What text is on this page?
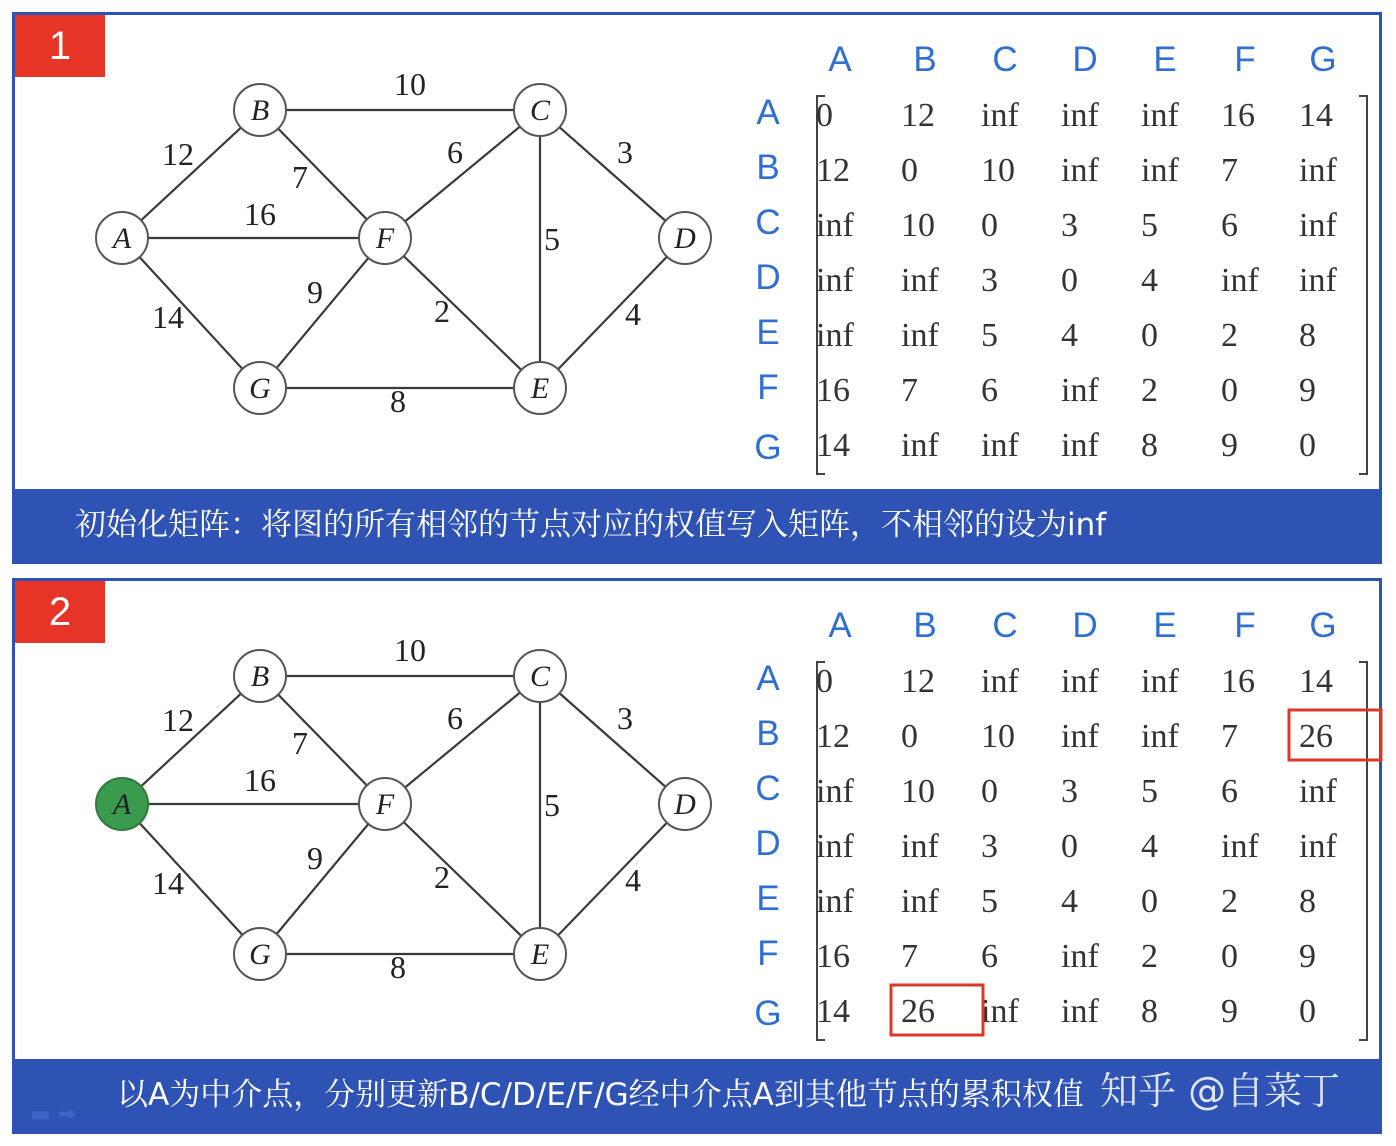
1
12
10
7
16
6	3
5
14
9
2	4
8
A
B	C
D
E
F
G
A B C D E F G
A
B
C
D
E
F
G
0 12 inf inf inf 16 14
12 0 10 inf inf 7 inf
inf 10 0 3 5 6 inf
inf inf 3 0 4 inf inf
inf inf 5 4 0 2 8
16 7 6 inf 2 0 9
14 inf inf inf 8 9 0
初始化矩阵：将图的所有相邻的节点对应的权值写入矩阵，不相邻的设为inf
2
12
10
7
16
6	3
5
14
9
2	4
8
A
B	C
D
E
F
G
A B C D E F G
A
B
C
D
E
F
G
0 12 inf inf inf 16 14
12 0 10 inf inf 7 26
inf 10 0 3 5 6 inf
inf inf 3 0 4 inf inf
inf inf 5 4 0 2 8
16 7 6 inf 2 0 9
14 26 inf inf 8 9 0
以A为中介点，分别更新B/C/D/E/F/G经中介点A到其他节点的累积权值
▬ ➡
知乎 @自菜丁
